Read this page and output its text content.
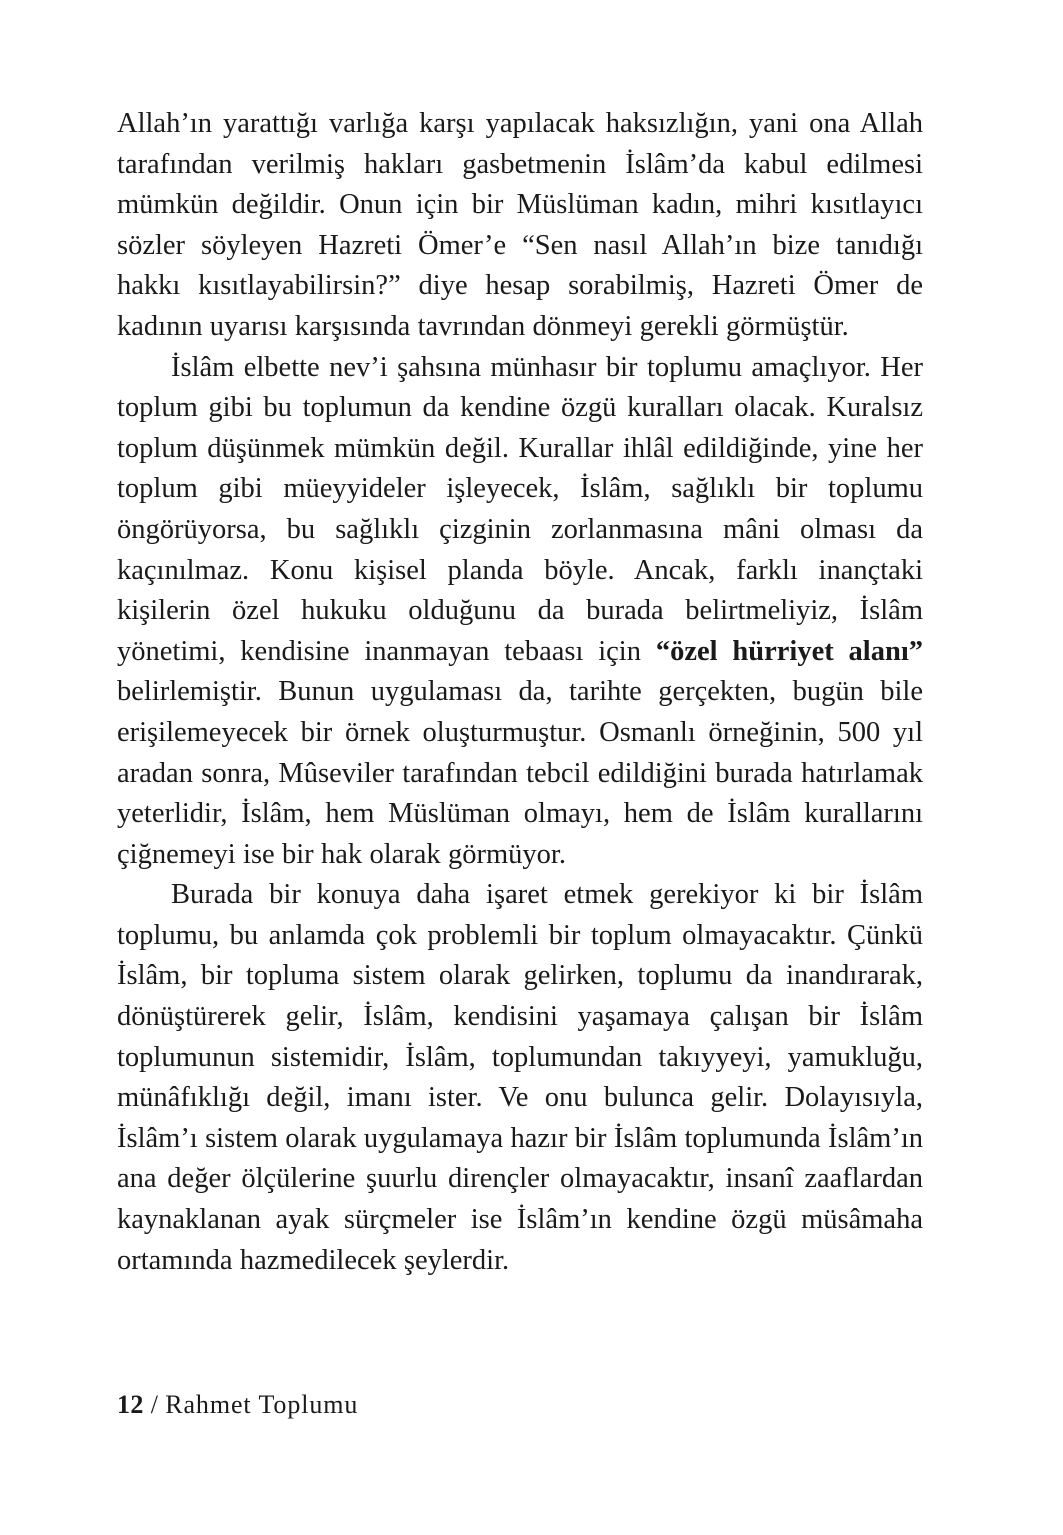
Allah’ın yarattığı varlığa karşı yapılacak haksızlığın, yani ona Allah tarafından verilmiş hakları gasbetmenin İslâm’da kabul edilmesi mümkün değildir. Onun için bir Müslüman kadın, mihri kısıtlayıcı sözler söyleyen Hazreti Ömer’e “Sen nasıl Allah’ın bize tanıdığı hakkı kısıtlayabilirsin?” diye hesap sorabilmiş, Hazreti Ömer de kadının uyarısı karşısında tavrından dönmeyi gerekli görmüştür.

İslâm elbette nev’i şahsına münhasır bir toplumu amaçlıyor. Her toplum gibi bu toplumun da kendine özgü kuralları olacak. Kuralsız toplum düşünmek mümkün değil. Kurallar ihlâl edildiğinde, yine her toplum gibi müeyyideler işleyecek, İslâm, sağlıklı bir toplumu öngörüyorsa, bu sağlıklı çizginin zorlanmasına mâni olması da kaçınılmaz. Konu kişisel planda böyle. Ancak, farklı inançtaki kişilerin özel hukuku olduğunu da burada belirtmeliyiz, İslâm yönetimi, kendisine inanmayan tebaası için “özel hürriyet alanı” belirlemiştir. Bunun uygulaması da, tarihte gerçekten, bugün bile erişilemeyecek bir örnek oluşturmuştur. Osmanlı örneğinin, 500 yıl aradan sonra, Mûseviler tarafından tebcil edildiğini burada hatırlamak yeterlidir, İslâm, hem Müslüman olmayı, hem de İslâm kurallarını çiğnemeyi ise bir hak olarak görmüyor.

Burada bir konuya daha işaret etmek gerekiyor ki bir İslâm toplumu, bu anlamda çok problemli bir toplum olmayacaktır. Çünkü İslâm, bir topluma sistem olarak gelirken, toplumu da inandırarak, dönüştürerek gelir, İslâm, kendisini yaşamaya çalışan bir İslâm toplumunun sistemidir, İslâm, toplumundan takıyyeyi, yamukluğu, münâfıklığı değil, imanı ister. Ve onu bulunca gelir. Dolayısıyla, İslâm’ı sistem olarak uygulamaya hazır bir İslâm toplumunda İslâm’ın ana değer ölçülerine şuurlu dirençler olmayacaktır, insanî zaaflardan kaynaklanan ayak sürçmeler ise İslâm’ın kendine özgü müsâmaha ortamında hazmedilecek şeylerdir.

12 / Rahmet Toplumu
